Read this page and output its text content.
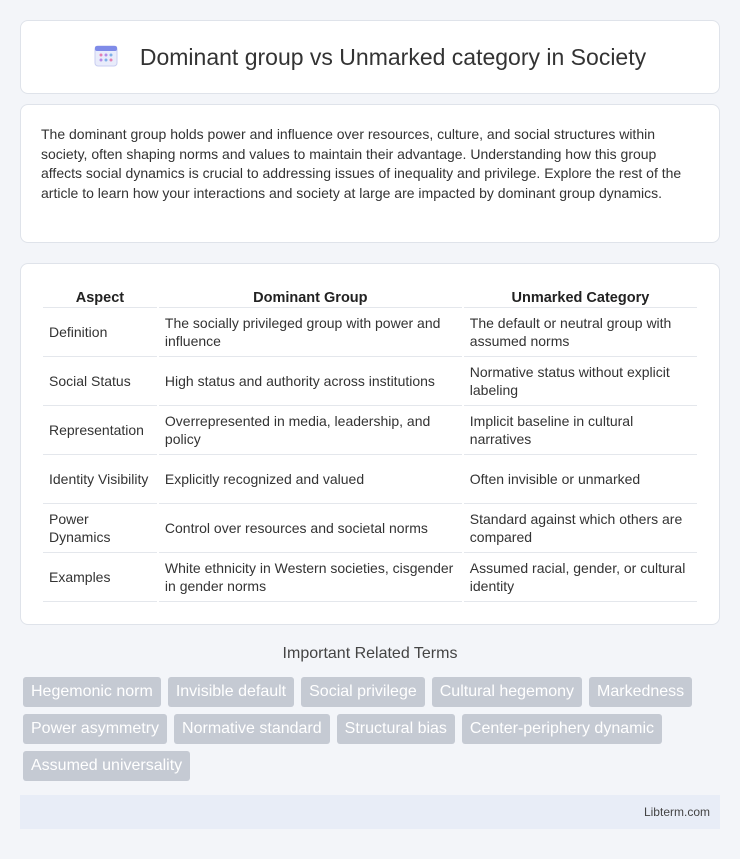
Dominant group vs Unmarked category in Society

The dominant group holds power and influence over resources, culture, and social structures within society, often shaping norms and values to maintain their advantage. Understanding how this group affects social dynamics is crucial to addressing issues of inequality and privilege. Explore the rest of the article to learn how your interactions and society at large are impacted by dominant group dynamics.

Aspect	Dominant Group	Unmarked Category
Definition	The socially privileged group with power and influence	The default or neutral group with assumed norms
Social Status	High status and authority across institutions	Normative status without explicit labeling
Representation	Overrepresented in media, leadership, and policy	Implicit baseline in cultural narratives
Identity Visibility	Explicitly recognized and valued	Often invisible or unmarked
Power Dynamics	Control over resources and societal norms	Standard against which others are compared
Examples	White ethnicity in Western societies, cisgender in gender norms	Assumed racial, gender, or cultural identity
Important Related Terms
Hegemonic norm	Invisible default	Social privilege	Cultural hegemony	Markedness
Power asymmetry	Normative standard	Structural bias	Center-periphery dynamic
Assumed universality
Libterm.com
